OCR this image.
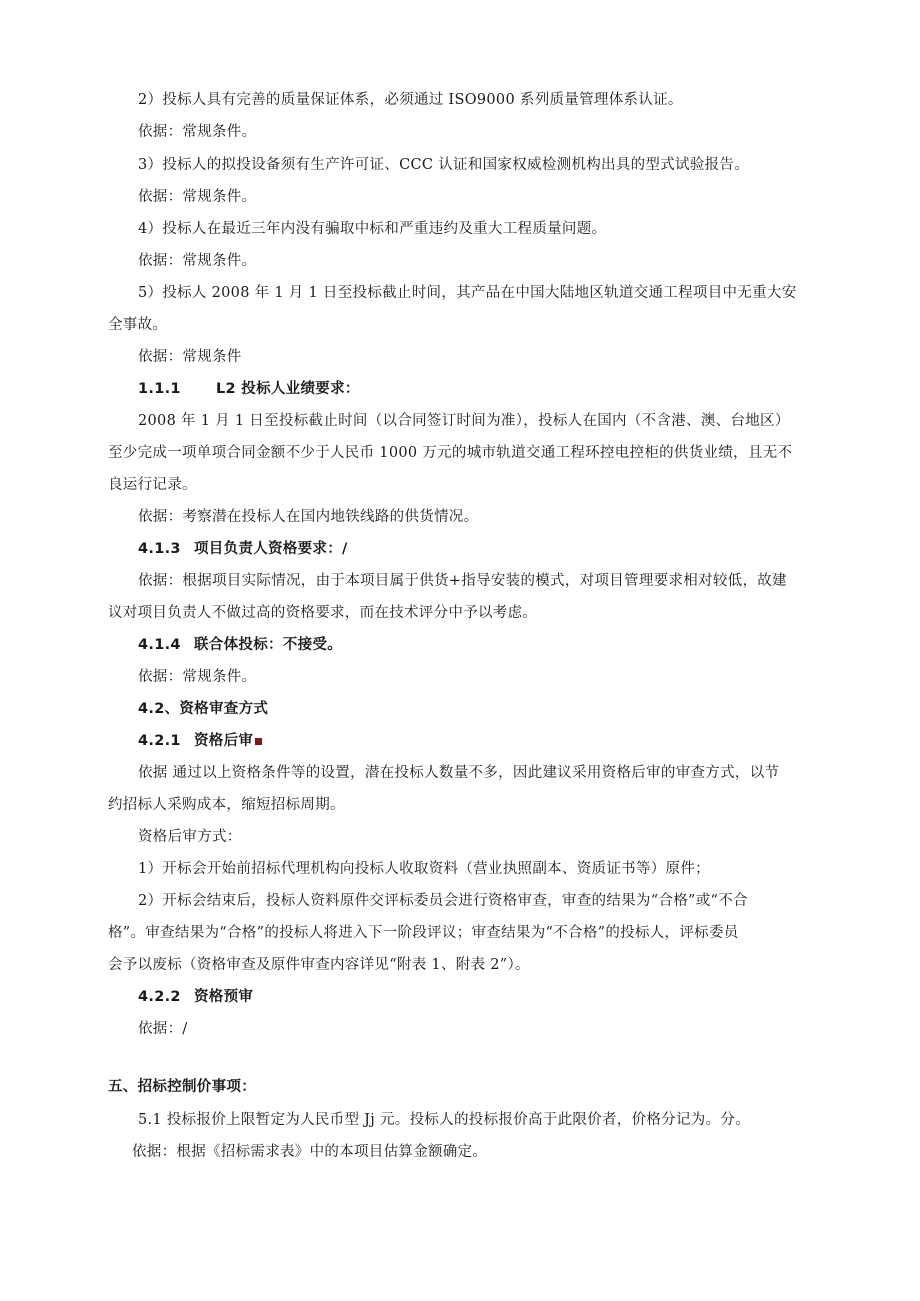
2）投标人具有完善的质量保证体系，必须通过 ISO9000 系列质量管理体系认证。
依据：常规条件。
3）投标人的拟投设备须有生产许可证、CCC 认证和国家权威检测机构出具的型式试验报告。
依据：常规条件。
4）投标人在最近三年内没有骗取中标和严重违约及重大工程质量问题。
依据：常规条件。
5）投标人 2008 年 1 月 1 日至投标截止时间，其产品在中国大陆地区轨道交通工程项目中无重大安
全事故。
依据：常规条件
1.1.1 L2 投标人业绩要求：
2008 年 1 月 1 日至投标截止时间（以合同签订时间为准），投标人在国内（不含港、澳、台地区）
至少完成一项单项合同金额不少于人民币 1000 万元的城市轨道交通工程环控电控柜的供货业绩，且无不
良运行记录。
依据：考察潜在投标人在国内地铁线路的供货情况。
4.1.3 项目负责人资格要求：/
依据：根据项目实际情况，由于本项目属于供货+指导安装的模式，对项目管理要求相对较低，故建
议对项目负责人不做过高的资格要求，而在技术评分中予以考虑。
4.1.4 联合体投标：不接受。
依据：常规条件。
4.2、资格审查方式
4.2.1 资格后审
依据 通过以上资格条件等的设置，潜在投标人数量不多，因此建议采用资格后审的审查方式，以节
约招标人采购成本，缩短招标周期。
资格后审方式：
1）开标会开始前招标代理机构向投标人收取资料（营业执照副本、资质证书等）原件；
2）开标会结束后，投标人资料原件交评标委员会进行资格审查，审查的结果为“合格”或“不合
格”。审查结果为“合格”的投标人将进入下一阶段评议；审查结果为“不合格”的投标人，评标委员
会予以废标（资格审查及原件审查内容详见“附表 1、附表 2”）。
4.2.2 资格预审
依据：/
五、招标控制价事项：
5.1 投标报价上限暂定为人民币型 Jj 元。投标人的投标报价高于此限价者，价格分记为。分。
依据：根据《招标需求表》中的本项目估算金额确定。
